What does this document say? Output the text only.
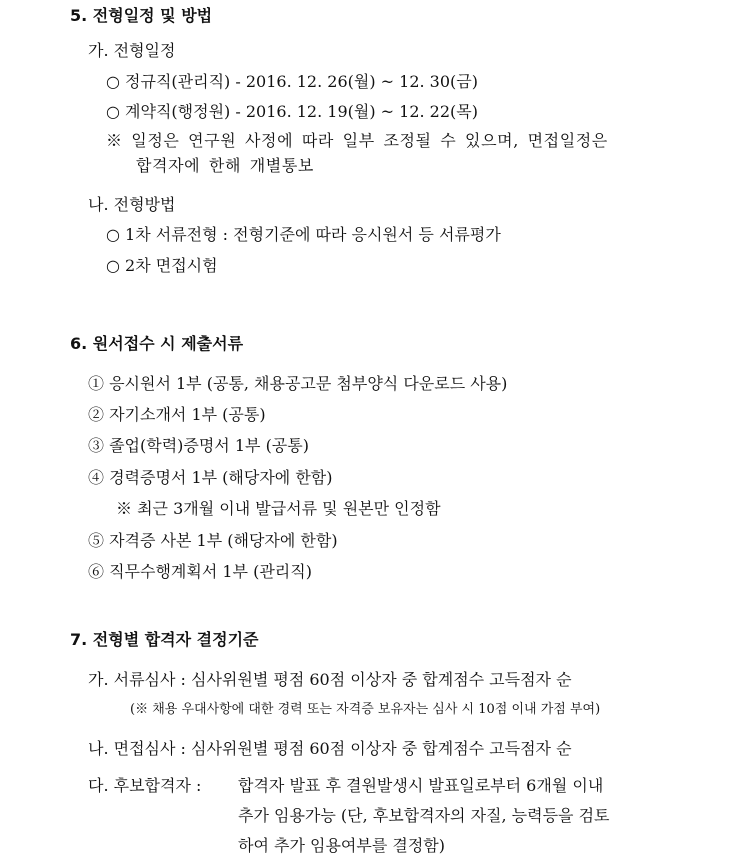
5. 전형일정 및 방법
가. 전형일정
○ 정규직(관리직) - 2016. 12. 26(월) ~ 12. 30(금)
○ 계약직(행정원) - 2016. 12. 19(월) ~ 12. 22(목)
※ 일정은 연구원 사정에 따라 일부 조정될 수 있으며, 면접일정은
합격자에 한해 개별통보
나. 전형방법
○ 1차 서류전형 : 전형기준에 따라 응시원서 등 서류평가
○ 2차 면접시험
6. 원서접수 시 제출서류
① 응시원서 1부 (공통, 채용공고문 첨부양식 다운로드 사용)
② 자기소개서 1부 (공통)
③ 졸업(학력)증명서 1부 (공통)
④ 경력증명서 1부 (해당자에 한함)
※ 최근 3개월 이내 발급서류 및 원본만 인정함
⑤ 자격증 사본 1부 (해당자에 한함)
⑥ 직무수행계획서 1부 (관리직)
7. 전형별 합격자 결정기준
가. 서류심사 : 심사위원별 평점 60점 이상자 중 합계점수 고득점자 순
(※ 채용 우대사항에 대한 경력 또는 자격증 보유자는 심사 시 10점 이내 가점 부여)
나. 면접심사 : 심사위원별 평점 60점 이상자 중 합계점수 고득점자 순
다. 후보합격자 : 합격자 발표 후 결원발생시 발표일로부터 6개월 이내
추가 임용가능 (단, 후보합격자의 자질, 능력등을 검토
하여 추가 임용여부를 결정함)
